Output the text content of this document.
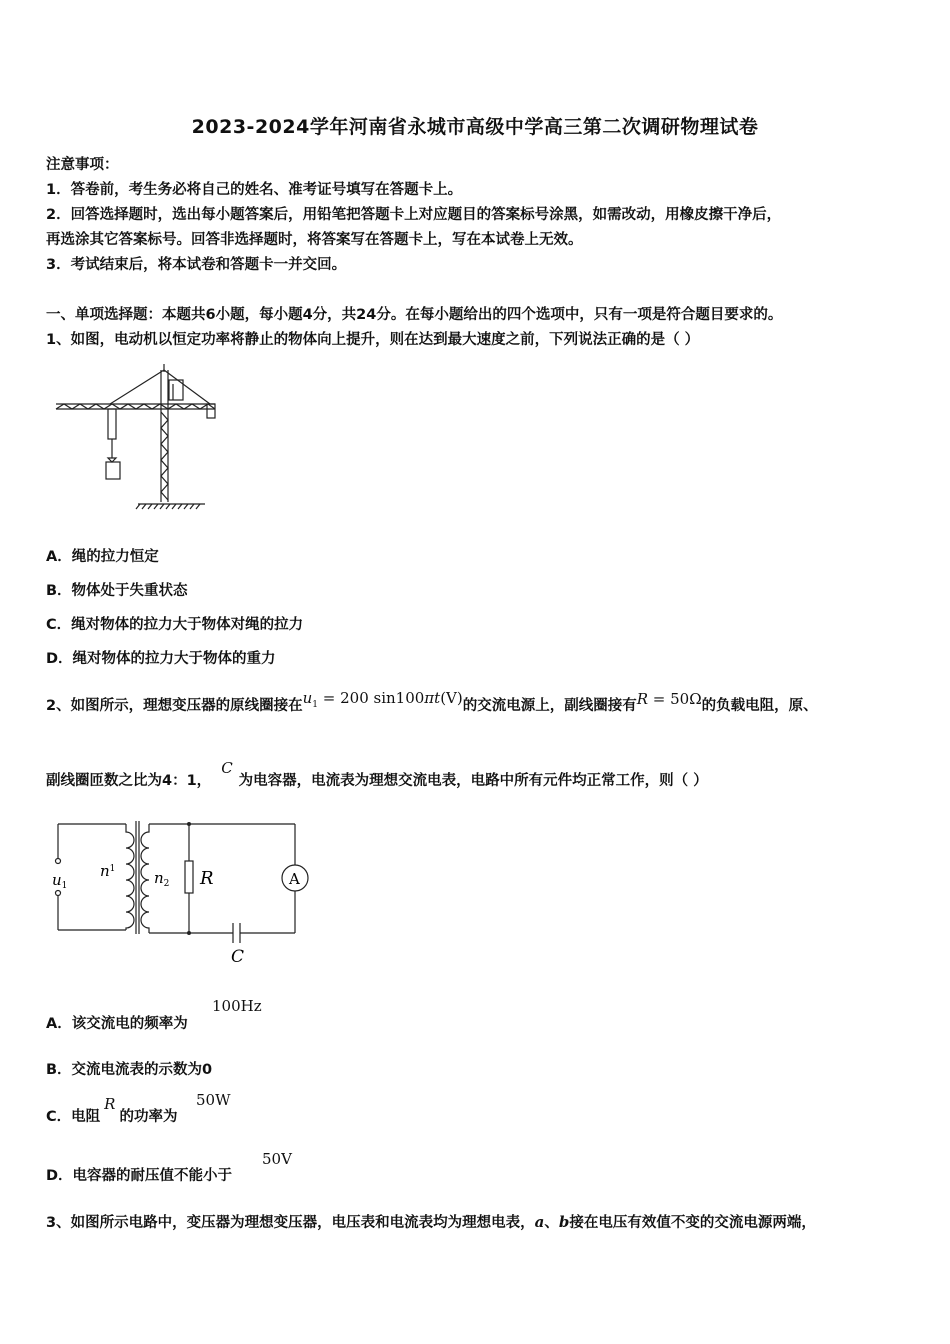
2023-2024学年河南省永城市高级中学高三第二次调研物理试卷
注意事项：
1．答卷前，考生务必将自己的姓名、准考证号填写在答题卡上。
2．回答选择题时，选出每小题答案后，用铅笔把答题卡上对应题目的答案标号涂黑，如需改动，用橡皮擦干净后，
再选涂其它答案标号。回答非选择题时，将答案写在答题卡上，写在本试卷上无效。
3．考试结束后，将本试卷和答题卡一并交回。
一、单项选择题：本题共6小题，每小题4分，共24分。在每小题给出的四个选项中，只有一项是符合题目要求的。
1、如图，电动机以恒定功率将静止的物体向上提升，则在达到最大速度之前，下列说法正确的是（ ）
A．绳的拉力恒定
B．物体处于失重状态
C．绳对物体的拉力大于物体对绳的拉力
D．绳对物体的拉力大于物体的重力
2、如图所示，理想变压器的原线圈接在$u_1 = 200$ sin100πt(V)的交流电源上，副线圈接有R = 50Ω的负载电阻，原、
副线圈匝数之比为4：1，C为电容器，电流表为理想交流电表，电路中所有元件均正常工作，则（ ）
$u_1$
$n^1$	$n_2$ R	A
C
A．该交流电的频率为
100Hz
B．交流电流表的示数为0
C．电阻R的功率为
50W
D．电容器的耐压值不能小于
50V
3、如图所示电路中，变压器为理想变压器，电压表和电流表均为理想电表，a、b接在电压有效值不变的交流电源两端，
